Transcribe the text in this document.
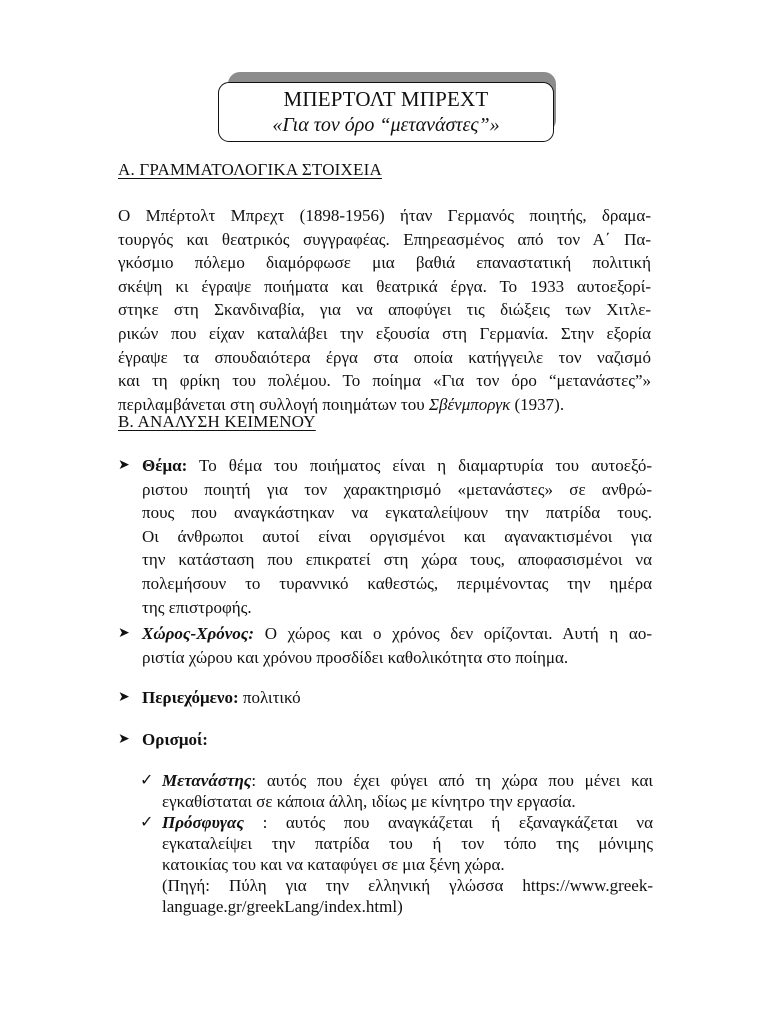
ΜΠΕΡΤΟΛΤ ΜΠΡΕΧΤ
«Για τον όρο “μετανάστες”»
Α. ΓΡΑΜΜΑΤΟΛΟΓΙΚΑ ΣΤΟΙΧΕΙΑ
Ο Μπέρτολτ Μπρεχτ (1898-1956) ήταν Γερμανός ποιητής, δραμα-
τουργός και θεατρικός συγγραφέας. Επηρεασμένος από τον Α΄ Πα-
γκόσμιο πόλεμο διαμόρφωσε μια βαθιά επαναστατική πολιτική
σκέψη κι έγραψε ποιήματα και θεατρικά έργα. Το 1933 αυτοεξορί-
στηκε στη Σκανδιναβία, για να αποφύγει τις διώξεις των Χιτλε-
ρικών που είχαν καταλάβει την εξουσία στη Γερμανία. Στην εξορία
έγραψε τα σπουδαιότερα έργα στα οποία κατήγγειλε τον ναζισμό
και τη φρίκη του πολέμου. Το ποίημα «Για τον όρο “μετανάστες”»
περιλαμβάνεται στη συλλογή ποιημάτων του Σβένμποργκ (1937).
Β. ΑΝΑΛΥΣΗ ΚΕΙΜΕΝΟΥ
➤ Θέμα: Το θέμα του ποιήματος είναι η διαμαρτυρία του αυτοεξό-
ριστου ποιητή για τον χαρακτηρισμό «μετανάστες» σε ανθρώ-
πους που αναγκάστηκαν να εγκαταλείψουν την πατρίδα τους.
Οι άνθρωποι αυτοί είναι οργισμένοι και αγανακτισμένοι για
την κατάσταση που επικρατεί στη χώρα τους, αποφασισμένοι να
πολεμήσουν το τυραννικό καθεστώς, περιμένοντας την ημέρα
της επιστροφής.
➤ Χώρος-Χρόνος: Ο χώρος και ο χρόνος δεν ορίζονται. Αυτή η αο-
ριστία χώρου και χρόνου προσδίδει καθολικότητα στο ποίημα.
➤ Περιεχόμενο: πολιτικό
➤ Ορισμοί:
✓ Μετανάστης: αυτός που έχει φύγει από τη χώρα που μένει και
εγκαθίσταται σε κάποια άλλη, ιδίως με κίνητρο την εργασία.
✓ Πρόσφυγας : αυτός που αναγκάζεται ή εξαναγκάζεται να
εγκαταλείψει την πατρίδα του ή τον τόπο της μόνιμης
κατοικίας του και να καταφύγει σε μια ξένη χώρα.
(Πηγή: Πύλη για την ελληνική γλώσσα https://www.greek-
language.gr/greekLang/index.html)
